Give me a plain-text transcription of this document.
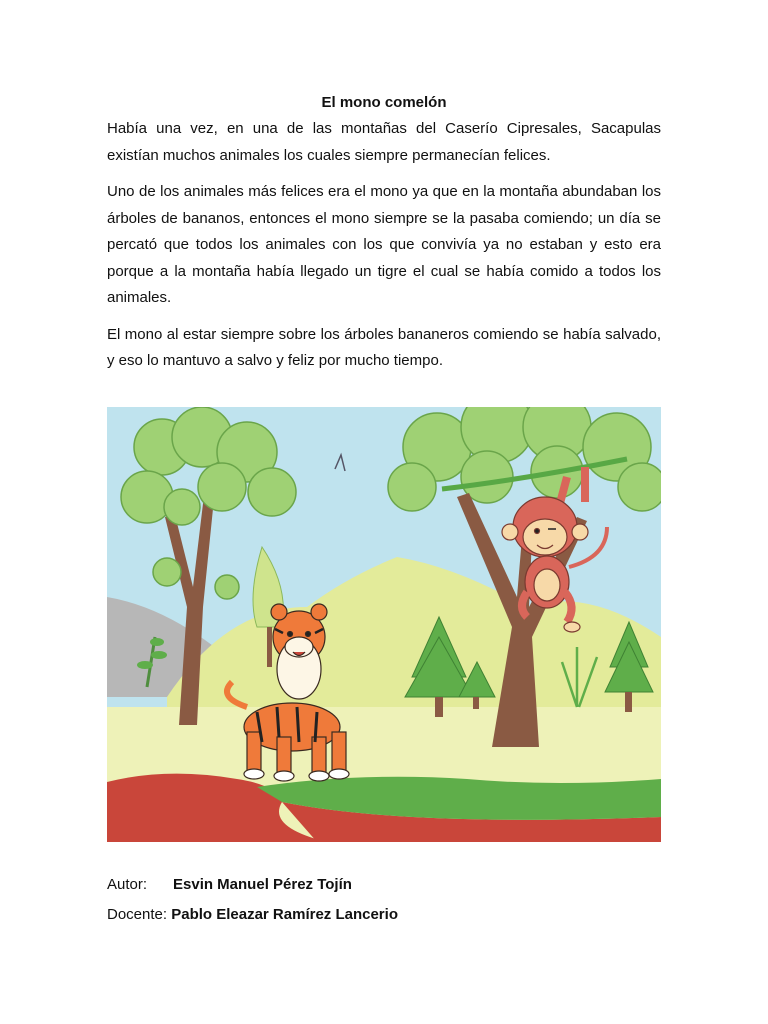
El mono comelón

Había una vez, en una de las montañas del Caserío Cipresales, Sacapulas existían muchos animales los cuales siempre permanecían felices.

Uno de los animales más felices era el mono ya que en la montaña abundaban los árboles de bananos, entonces el mono siempre se la pasaba comiendo; un día se percató que todos los animales con los que convivía ya no estaban y esto era porque a la montaña había llegado un tigre el cual se había comido a todos los animales.

El mono al estar siempre sobre los árboles bananeros comiendo se había salvado, y eso lo mantuvo a salvo y feliz por mucho tiempo.

Autor: Esvin Manuel Pérez Tojín
Docente: Pablo Eleazar Ramírez Lancerio
